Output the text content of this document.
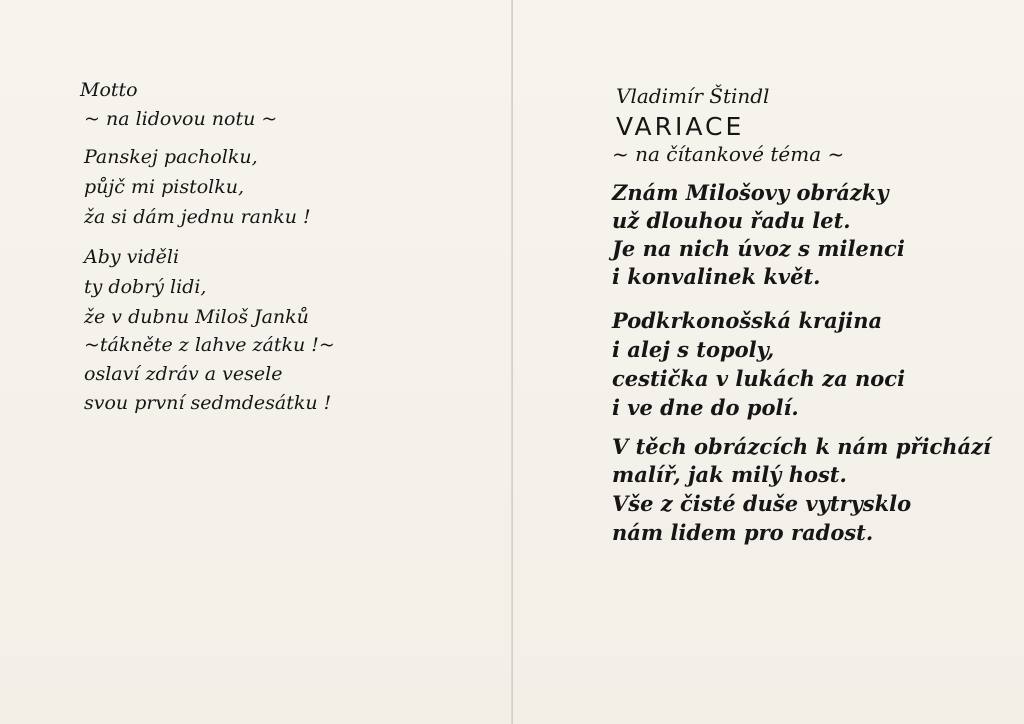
Motto

~ na lidovou notu ~

Panskej pacholku,

půjč mi pistolku,

ža si dám jednu ranku !

Aby viděli

ty dobrý lidi,

že v dubnu Miloš Janků

~tákněte z lahve zátku !~

oslaví zdráv a vesele

svou první sedmdesátku !

Vladimír Štindl

VARIACE

~ na čítankové téma ~

Znám Milošovy obrázky

už dlouhou řadu let.

Je na nich úvoz s milenci

i konvalinek květ.

Podkrkonošská krajina

i alej s topoly,

cestička v lukách za noci

i ve dne do polí.

V těch obrázcích k nám přichází

malíř, jak milý host.

Vše z čisté duše vytrysklo

nám lidem pro radost.
